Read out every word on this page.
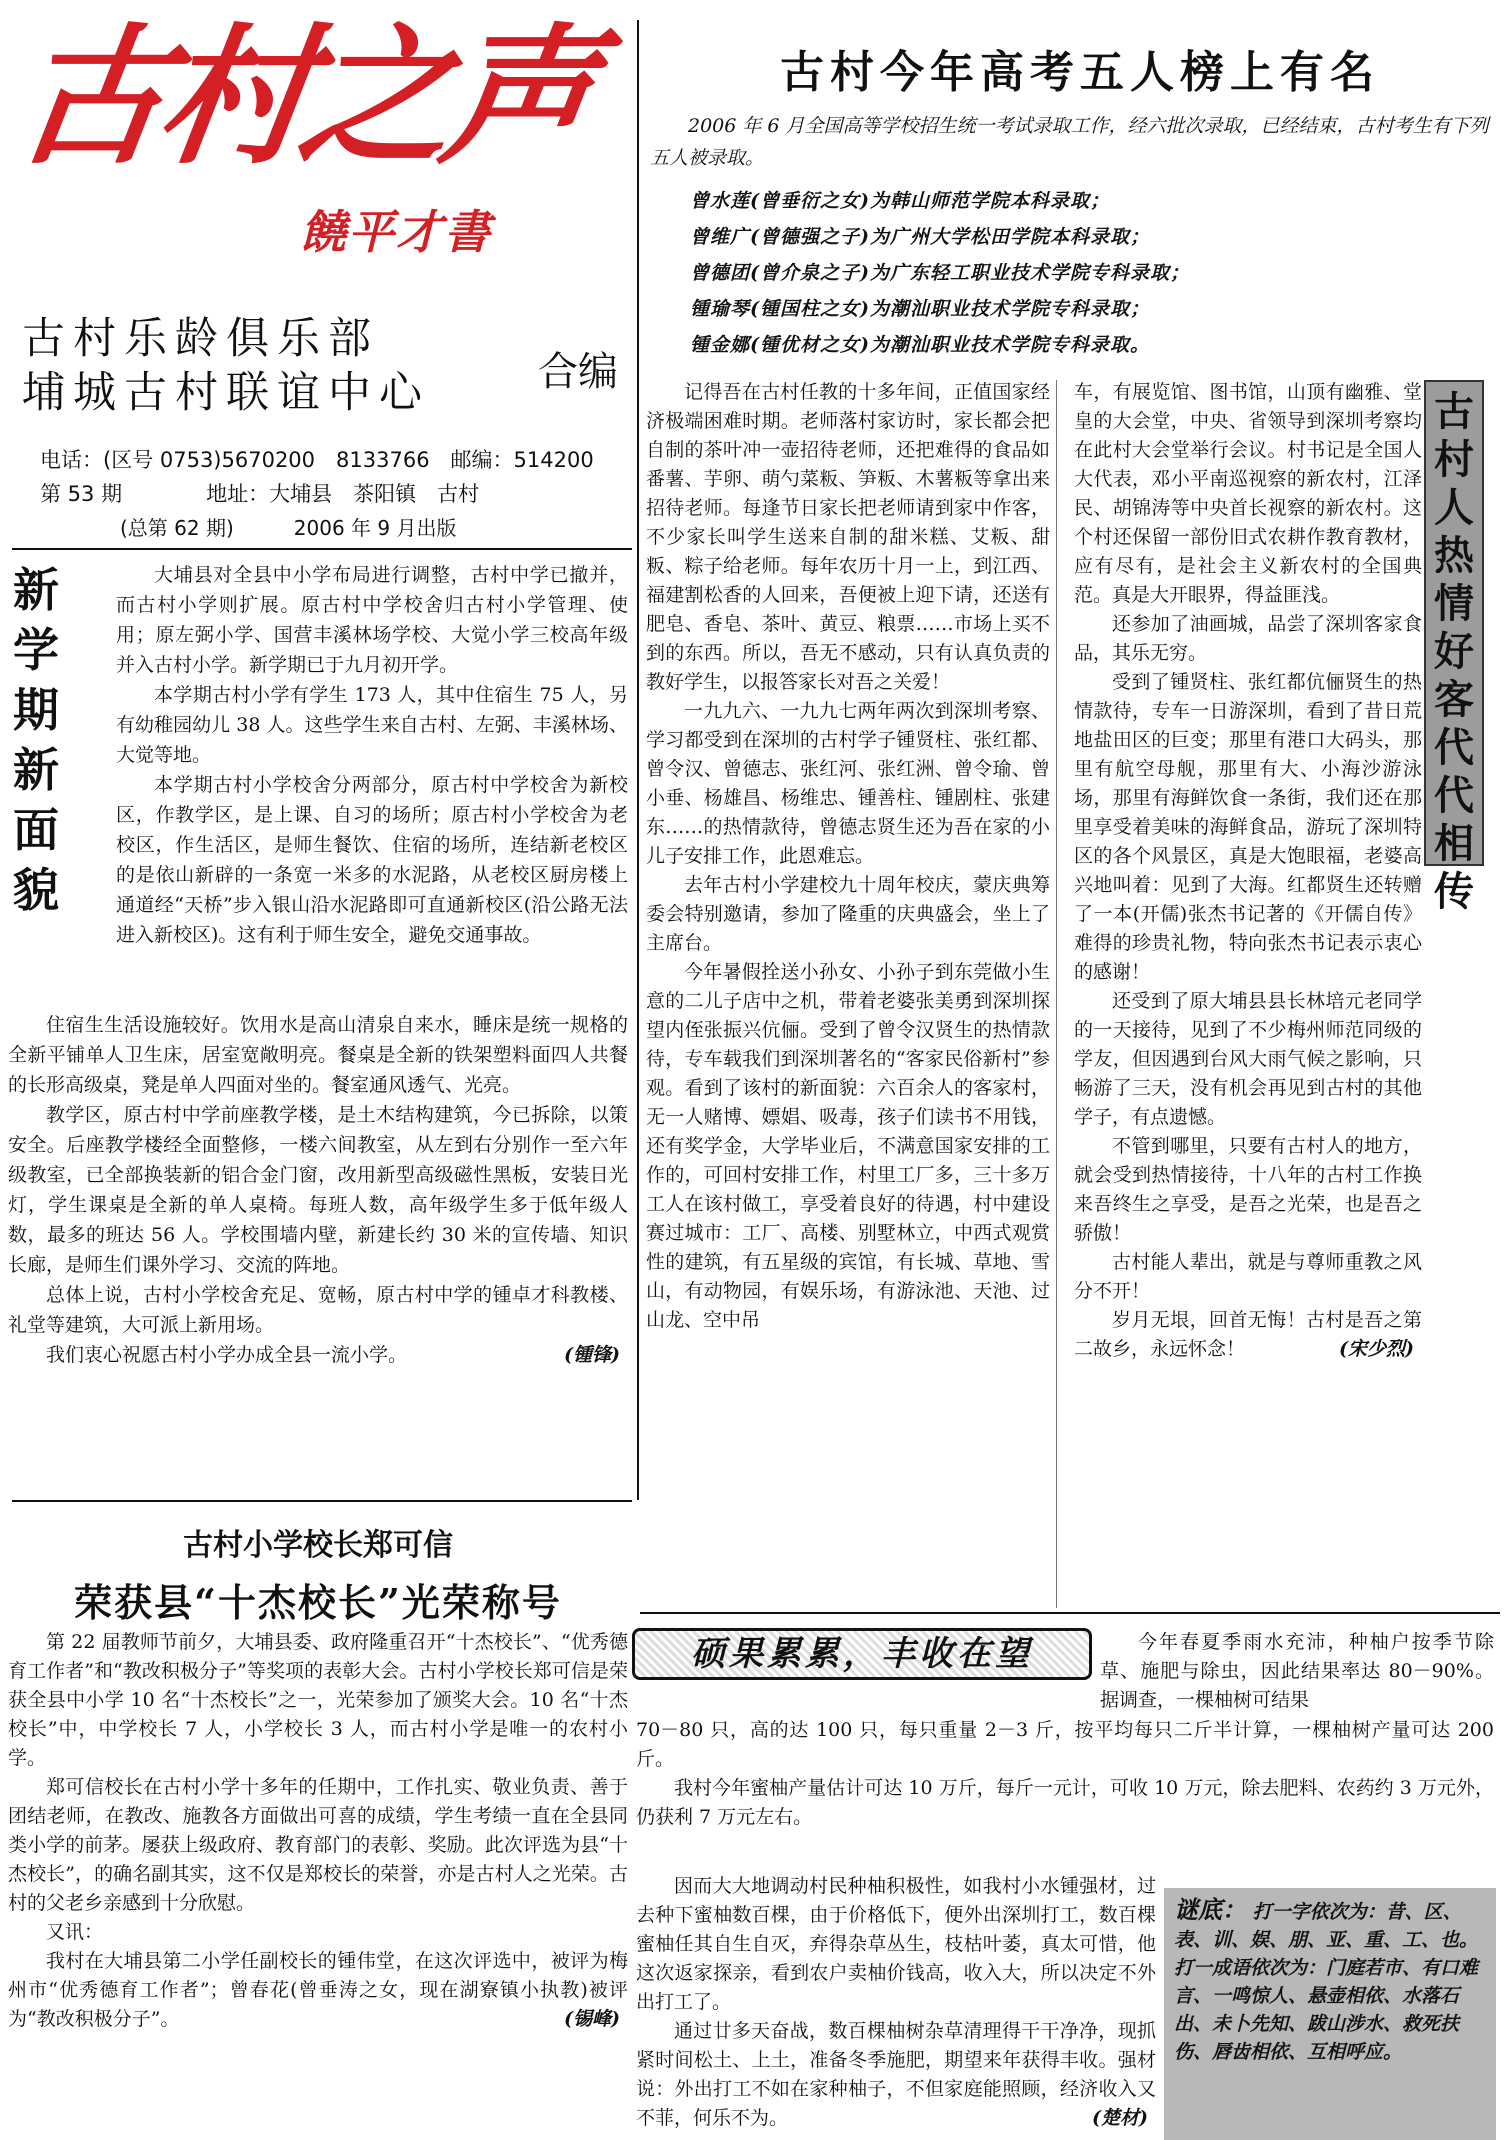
古村之声
饒平才書
古村乐龄俱乐部
埔城古村联谊中心	合编
电话：(区号 0753)5670200　8133766　邮编：514200
第 53 期　　　　地址：大埔县　茶阳镇　古村
(总第 62 期)　　　2006 年 9 月出版
新学期　新面貌

大埔县对全县中小学布局进行调整，古村中学已撤并，而古村小学则扩展。原古村中学校舍归古村小学管理、使用；原左弼小学、国营丰溪林场学校、大觉小学三校高年级并入古村小学。新学期已于九月初开学。

本学期古村小学有学生 173 人，其中住宿生 75 人，另有幼稚园幼儿 38 人。这些学生来自古村、左弼、丰溪林场、大觉等地。

本学期古村小学校舍分两部分，原古村中学校舍为新校区，作教学区，是上课、自习的场所；原古村小学校舍为老校区，作生活区，是师生餐饮、住宿的场所，连结新老校区的是依山新辟的一条宽一米多的水泥路，从老校区厨房楼上通道经“天桥”步入银山沿水泥路即可直通新校区(沿公路无法进入新校区)。这有利于师生安全，避免交通事故。

住宿生生活设施较好。饮用水是高山清泉自来水，睡床是统一规格的全新平铺单人卫生床，居室宽敞明亮。餐桌是全新的铁架塑料面四人共餐的长形高级桌，凳是单人四面对坐的。餐室通风透气、光亮。

教学区，原古村中学前座教学楼，是土木结构建筑，今已拆除，以策安全。后座教学楼经全面整修，一楼六间教室，从左到右分别作一至六年级教室，已全部换装新的铝合金门窗，改用新型高级磁性黑板，安装日光灯，学生课桌是全新的单人桌椅。每班人数，高年级学生多于低年级人数，最多的班达 56 人。学校围墙内壁，新建长约 30 米的宣传墙、知识长廊，是师生们课外学习、交流的阵地。

总体上说，古村小学校舍充足、宽畅，原古村中学的锺卓才科教楼、礼堂等建筑，大可派上新用场。

我们衷心祝愿古村小学办成全县一流小学。	(锺锋)

古村小学校长郑可信
荣获县“十杰校长”光荣称号

第 22 届教师节前夕，大埔县委、政府隆重召开“十杰校长”、“优秀德育工作者”和“教改积极分子”等奖项的表彰大会。古村小学校长郑可信是荣获全县中小学 10 名“十杰校长”之一，光荣参加了颁奖大会。10 名“十杰校长”中，中学校长 7 人，小学校长 3 人，而古村小学是唯一的农村小学。

郑可信校长在古村小学十多年的任期中，工作扎实、敬业负责、善于团结老师，在教改、施教各方面做出可喜的成绩，学生考绩一直在全县同类小学的前茅。屡获上级政府、教育部门的表彰、奖励。此次评选为县“十杰校长”，的确名副其实，这不仅是郑校长的荣誉，亦是古村人之光荣。古村的父老乡亲感到十分欣慰。

又讯：

我村在大埔县第二小学任副校长的锺伟堂，在这次评选中，被评为梅州市“优秀德育工作者”；曾春花(曾垂涛之女，现在湖寮镇小执教)被评为“教改积极分子”。	(锡峰)

古村今年高考五人榜上有名
2006 年 6 月全国高等学校招生统一考试录取工作，经六批次录取，已经结束，古村考生有下列五人被录取。
曾水莲(曾垂衍之女)为韩山师范学院本科录取；
曾维广(曾德强之子)为广州大学松田学院本科录取；
曾德团(曾介泉之子)为广东轻工职业技术学院专科录取；
锺瑜琴(锺国柱之女)为潮汕职业技术学院专科录取；
锺金娜(锺优材之女)为潮汕职业技术学院专科录取。

记得吾在古村任教的十多年间，正值国家经济极端困难时期。老师落村家访时，家长都会把自制的茶叶冲一壶招待老师，还把难得的食品如番薯、芋卵、萌勺菜粄、笋粄、木薯粄等拿出来招待老师。每逢节日家长把老师请到家中作客，不少家长叫学生送来自制的甜米糕、艾粄、甜粄、粽子给老师。每年农历十月一上，到江西、福建割松香的人回来，吾便被上迎下请，还送有肥皂、香皂、茶叶、黄豆、粮票……市场上买不到的东西。所以，吾无不感动，只有认真负责的教好学生，以报答家长对吾之关爱！

一九九六、一九九七两年两次到深圳考察、学习都受到在深圳的古村学子锺贤柱、张红都、曾令汉、曾德志、张红河、张红洲、曾令瑜、曾小垂、杨雄昌、杨维忠、锺善柱、锺剧柱、张建东……的热情款待，曾德志贤生还为吾在家的小儿子安排工作，此恩难忘。

去年古村小学建校九十周年校庆，蒙庆典筹委会特别邀请，参加了隆重的庆典盛会，坐上了主席台。

今年暑假拴送小孙女、小孙子到东莞做小生意的二儿子店中之机，带着老婆张美勇到深圳探望内侄张振兴伉俪。受到了曾令汉贤生的热情款待，专车载我们到深圳著名的“客家民俗新村”参观。看到了该村的新面貌：六百余人的客家村，无一人赌博、嫖娼、吸毒，孩子们读书不用钱，还有奖学金，大学毕业后，不满意国家安排的工作的，可回村安排工作，村里工厂多，三十多万工人在该村做工，享受着良好的待遇，村中建设赛过城市：工厂、高楼、别墅林立，中西式观赏性的建筑，有五星级的宾馆，有长城、草地、雪山，有动物园，有娱乐场，有游泳池、天池、过山龙、空中吊

车，有展览馆、图书馆，山顶有幽雅、堂皇的大会堂，中央、省领导到深圳考察均在此村大会堂举行会议。村书记是全国人大代表，邓小平南巡视察的新农村，江泽民、胡锦涛等中央首长视察的新农村。这个村还保留一部份旧式农耕作教育教材，应有尽有，是社会主义新农村的全国典范。真是大开眼界，得益匪浅。

还参加了油画城，品尝了深圳客家食品，其乐无穷。

受到了锺贤柱、张红都伉俪贤生的热情款待，专车一日游深圳，看到了昔日荒地盐田区的巨变；那里有港口大码头，那里有航空母舰，那里有大、小海沙游泳场，那里有海鲜饮食一条街，我们还在那里享受着美味的海鲜食品，游玩了深圳特区的各个风景区，真是大饱眼福，老婆高兴地叫着：见到了大海。红都贤生还转赠了一本(开儒)张杰书记著的《开儒自传》难得的珍贵礼物，特向张杰书记表示衷心的感谢！

还受到了原大埔县县长林培元老同学的一天接待，见到了不少梅州师范同级的学友，但因遇到台风大雨气候之影响，只畅游了三天，没有机会再见到古村的其他学子，有点遗憾。

不管到哪里，只要有古村人的地方，就会受到热情接待，十八年的古村工作换来吾终生之享受，是吾之光荣，也是吾之骄傲！

古村能人辈出，就是与尊师重教之风分不开！

岁月无垠，回首无悔！古村是吾之第二故乡，永远怀念！	(宋少烈)

古村人热情好客代代相传
硕果累累，丰收在望	今年春夏季雨水充沛，种柚户按季节除草、施肥与除虫，因此结果率达 80－90%。据调查，一棵柚树可结果

70－80 只，高的达 100 只，每只重量 2－3 斤，按平均每只二斤半计算，一棵柚树产量可达 200 斤。

我村今年蜜柚产量估计可达 10 万斤，每斤一元计，可收 10 万元，除去肥料、农药约 3 万元外，仍获利 7 万元左右。

因而大大地调动村民种柚积极性，如我村小水锺强材，过去种下蜜柚数百棵，由于价格低下，便外出深圳打工，数百棵蜜柚任其自生自灭，弃得杂草丛生，枝枯叶萎，真太可惜，他这次返家探亲，看到农户卖柚价钱高，收入大，所以决定不外出打工了。

通过廿多天奋战，数百棵柚树杂草清理得干干净净，现抓紧时间松土、上土，准备冬季施肥，期望来年获得丰收。强材说：外出打工不如在家种柚子，不但家庭能照顾，经济收入又不菲，何乐不为。	(楚材)

谜底： 打一字依次为：昔、区、表、训、娱、朋、亚、重、工、也。
打一成语依次为：门庭若市、有口难言、一鸣惊人、悬壶相依、水落石出、未卜先知、跋山涉水、救死扶伤、唇齿相依、互相呼应。
